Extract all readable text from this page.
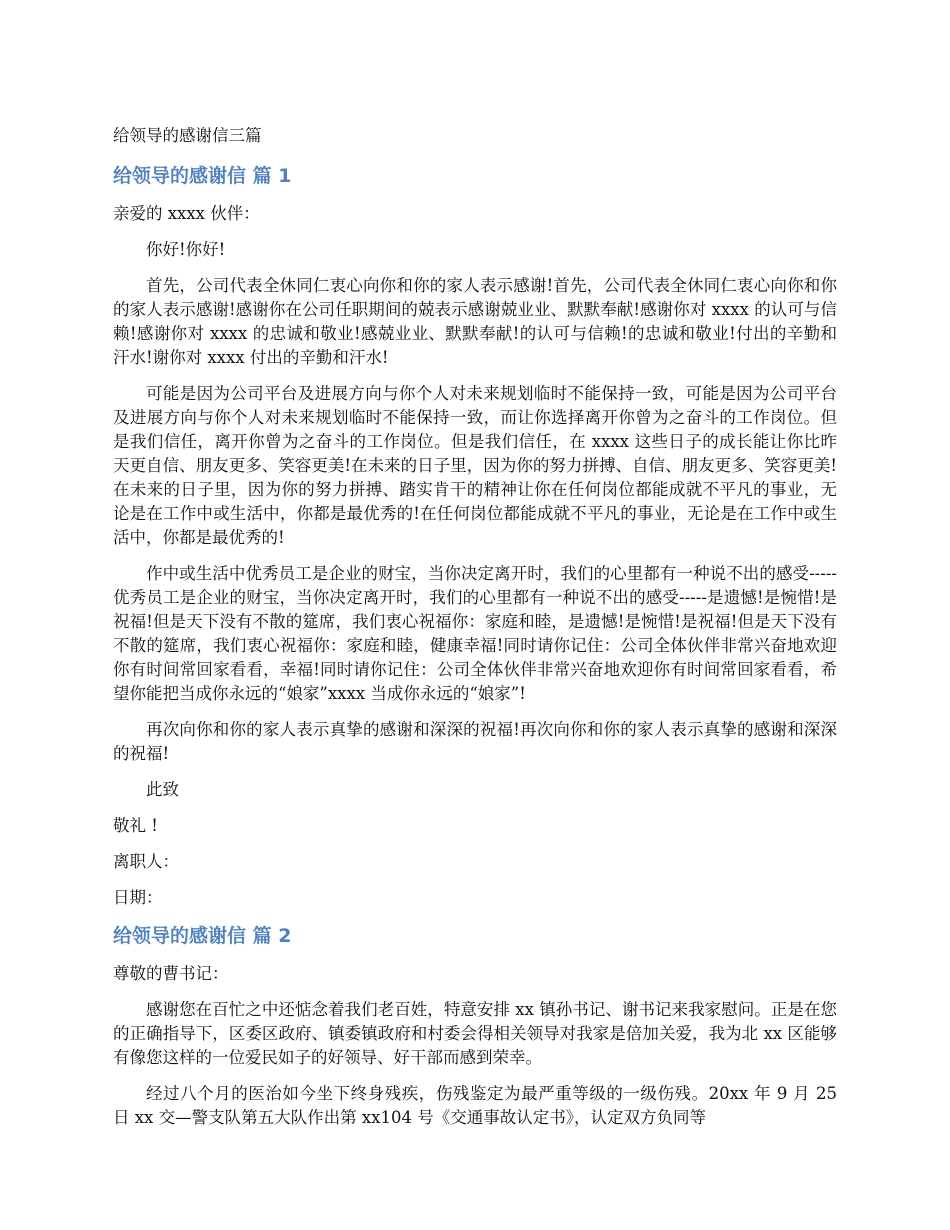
给领导的感谢信三篇
给领导的感谢信 篇 1

亲爱的 xxxx 伙伴：

你好!你好!

首先，公司代表全休同仁衷心向你和你的家人表示感谢!首先，公司代表全休同仁衷心向你和你的家人表示感谢!感谢你在公司任职期间的兢表示感谢兢业业、默默奉献!感谢你对 xxxx 的认可与信赖!感谢你对 xxxx 的忠诚和敬业!感兢业业、默默奉献!的认可与信赖!的忠诚和敬业!付出的辛勤和汗水!谢你对 xxxx 付出的辛勤和汗水!

可能是因为公司平台及进展方向与你个人对未来规划临时不能保持一致，可能是因为公司平台及进展方向与你个人对未来规划临时不能保持一致，而让你选择离开你曾为之奋斗的工作岗位。但是我们信任，离开你曾为之奋斗的工作岗位。但是我们信任，在 xxxx 这些日子的成长能让你比昨天更自信、朋友更多、笑容更美!在未来的日子里，因为你的努力拼搏、自信、朋友更多、笑容更美!在未来的日子里，因为你的努力拼搏、踏实肯干的精神让你在任何岗位都能成就不平凡的事业，无论是在工作中或生活中，你都是最优秀的!在任何岗位都能成就不平凡的事业，无论是在工作中或生活中，你都是最优秀的!

作中或生活中优秀员工是企业的财宝，当你决定离开时，我们的心里都有一种说不出的感受-----优秀员工是企业的财宝，当你决定离开时，我们的心里都有一种说不出的感受-----是遗憾!是惋惜!是祝福!但是天下没有不散的筵席，我们衷心祝福你：家庭和睦，是遗憾!是惋惜!是祝福!但是天下没有不散的筵席，我们衷心祝福你：家庭和睦，健康幸福!同时请你记住：公司全体伙伴非常兴奋地欢迎你有时间常回家看看，幸福!同时请你记住：公司全体伙伴非常兴奋地欢迎你有时间常回家看看，希望你能把当成你永远的“娘家”xxxx 当成你永远的“娘家”!

再次向你和你的家人表示真挚的感谢和深深的祝福!再次向你和你的家人表示真挚的感谢和深深的祝福!

此致

敬礼 !

离职人：

日期：

给领导的感谢信 篇 2

尊敬的曹书记：

感谢您在百忙之中还惦念着我们老百姓，特意安排 xx 镇孙书记、谢书记来我家慰问。正是在您的正确指导下，区委区政府、镇委镇政府和村委会得相关领导对我家是倍加关爱，我为北 xx 区能够有像您这样的一位爱民如子的好领导、好干部而感到荣幸。

经过八个月的医治如今坐下终身残疾，伤残鉴定为最严重等级的一级伤残。20xx 年 9 月 25 日 xx 交—警支队第五大队作出第 xx104 号《交通事故认定书》，认定双方负同等
